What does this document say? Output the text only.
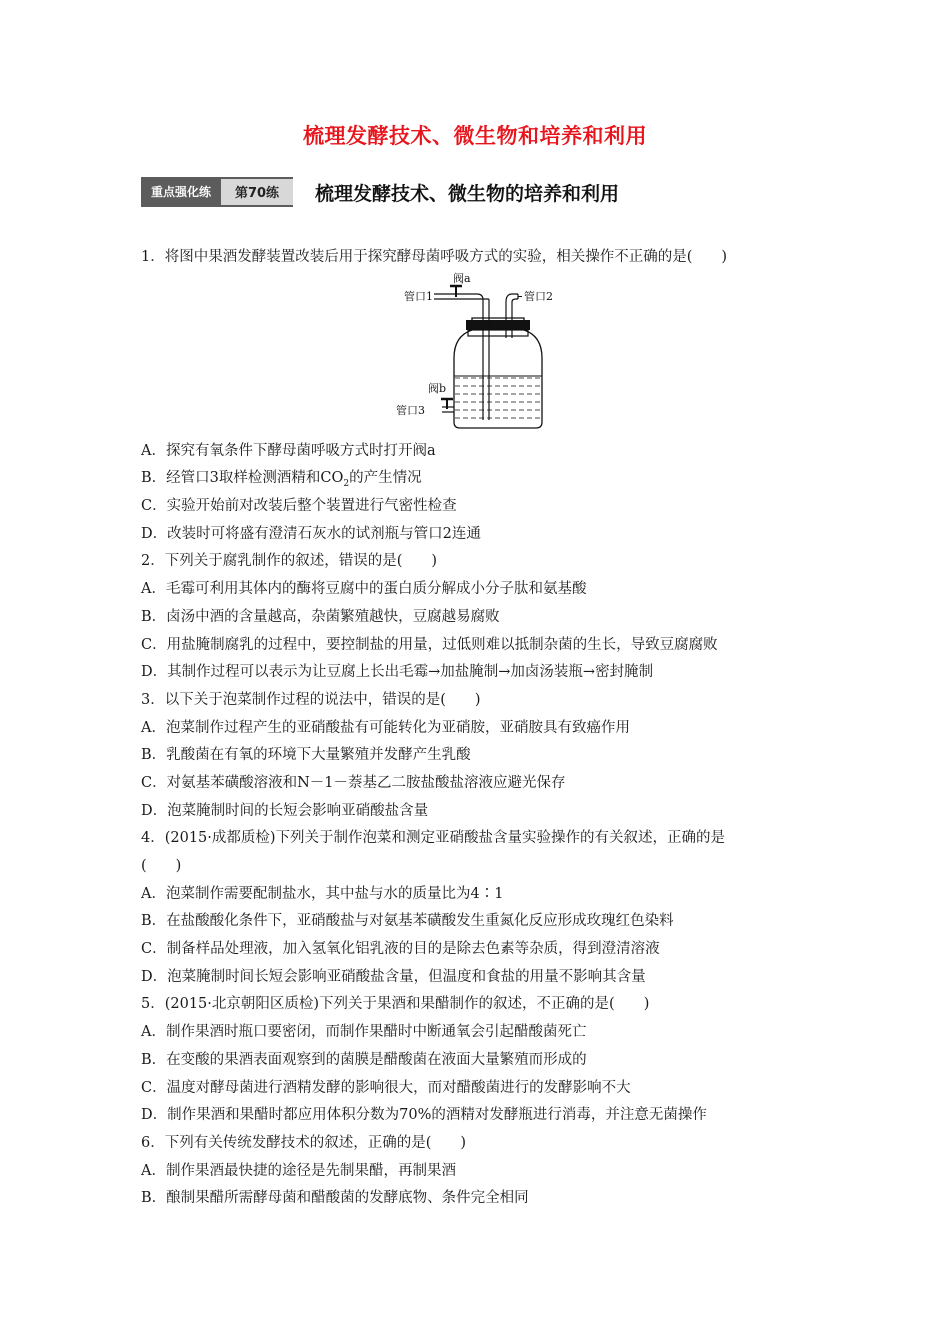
梳理发酵技术、微生物和培养和利用
重点强化练	第70练	梳理发酵技术、微生物的培养和利用
1．将图中果酒发酵装置改装后用于探究酵母菌呼吸方式的实验，相关操作不正确的是(　　)
A．探究有氧条件下酵母菌呼吸方式时打开阀a
B．经管口3取样检测酒精和$CO_2$的产生情况
C．实验开始前对改装后整个装置进行气密性检查
D．改装时可将盛有澄清石灰水的试剂瓶与管口2连通
2．下列关于腐乳制作的叙述，错误的是(　　)
A．毛霉可利用其体内的酶将豆腐中的蛋白质分解成小分子肽和氨基酸
B．卤汤中酒的含量越高，杂菌繁殖越快，豆腐越易腐败
C．用盐腌制腐乳的过程中，要控制盐的用量，过低则难以抵制杂菌的生长，导致豆腐腐败
D．其制作过程可以表示为让豆腐上长出毛霉→加盐腌制→加卤汤装瓶→密封腌制
3．以下关于泡菜制作过程的说法中，错误的是(　　)
A．泡菜制作过程产生的亚硝酸盐有可能转化为亚硝胺，亚硝胺具有致癌作用
B．乳酸菌在有氧的环境下大量繁殖并发酵产生乳酸
C．对氨基苯磺酸溶液和N－1－萘基乙二胺盐酸盐溶液应避光保存
D．泡菜腌制时间的长短会影响亚硝酸盐含量
4．(2015·成都质检)下列关于制作泡菜和测定亚硝酸盐含量实验操作的有关叙述，正确的是
(　　)
A．泡菜制作需要配制盐水，其中盐与水的质量比为4∶1
B．在盐酸酸化条件下，亚硝酸盐与对氨基苯磺酸发生重氮化反应形成玫瑰红色染料
C．制备样品处理液，加入氢氧化铝乳液的目的是除去色素等杂质，得到澄清溶液
D．泡菜腌制时间长短会影响亚硝酸盐含量，但温度和食盐的用量不影响其含量
5．(2015·北京朝阳区质检)下列关于果酒和果醋制作的叙述，不正确的是(　　)
A．制作果酒时瓶口要密闭，而制作果醋时中断通氧会引起醋酸菌死亡
B．在变酸的果酒表面观察到的菌膜是醋酸菌在液面大量繁殖而形成的
C．温度对酵母菌进行酒精发酵的影响很大，而对醋酸菌进行的发酵影响不大
D．制作果酒和果醋时都应用体积分数为70%的酒精对发酵瓶进行消毒，并注意无菌操作
6．下列有关传统发酵技术的叙述，正确的是(　　)
A．制作果酒最快捷的途径是先制果醋，再制果酒
B．酿制果醋所需酵母菌和醋酸菌的发酵底物、条件完全相同
阀a
管口1	管口2
阀b
管口3
